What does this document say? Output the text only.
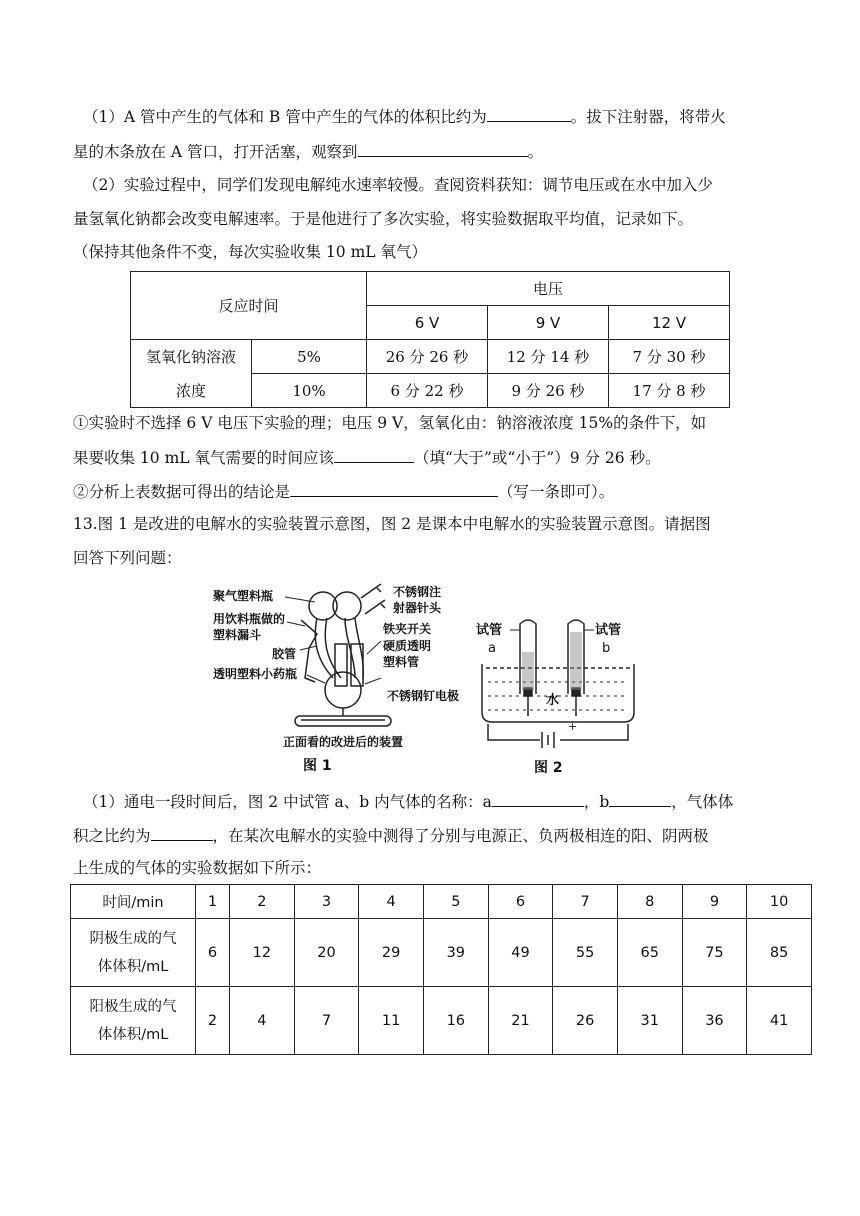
（1）A 管中产生的气体和 B 管中产生的气体的体积比约为	。拔下注射器，将带火
星的木条放在 A 管口，打开活塞，观察到	。
（2）实验过程中，同学们发现电解纯水速率较慢。查阅资料获知：调节电压或在水中加入少
量氢氧化钠都会改变电解速率。于是他进行了多次实验，将实验数据取平均值，记录如下。
（保持其他条件不变，每次实验收集 10 mL 氧气）
反应时间		电压		
		6 V	9 V	12 V
氢氧化钠溶液	5%	26 分 26 秒	12 分 14 秒	7 分 30 秒
浓度	10%	6 分 22 秒	9 分 26 秒	17 分 8 秒
①实验时不选择 6 V 电压下实验的理；电压 9 V，氢氧化由：钠溶液浓度 15%的条件下，如
果要收集 10 mL 氧气需要的时间应该	（填“大于”或“小于”）9 分 26 秒。
②分析上表数据可得出的结论是	（写一条即可）。
13.图 1 是改进的电解水的实验装置示意图，图 2 是课本中电解水的实验装置示意图。请据图
回答下列问题：
聚气塑料瓶
用饮料瓶做的
塑料漏斗
胶管
透明塑料小药瓶
不锈钢注
射器针头
铁夹开关
硬质透明
塑料管
不锈钢钉电极
正面看的改进后的装置
图 1
试管
a
试管
b
水
+
图 2
（1）通电一段时间后，图 2 中试管 a、b 内气体的名称：a	，b	，气体体
积之比约为	，在某次电解水的实验中测得了分别与电源正、负两极相连的阳、阴两极
上生成的气体的实验数据如下所示：
时间/min	1	2	3	4	5	6	7	8	9	10
阴极生成的气
体体积/mL	6	12	20	29	39	49	55	65	75	85
阳极生成的气
体体积/mL	2	4	7	11	16	21	26	31	36	41
